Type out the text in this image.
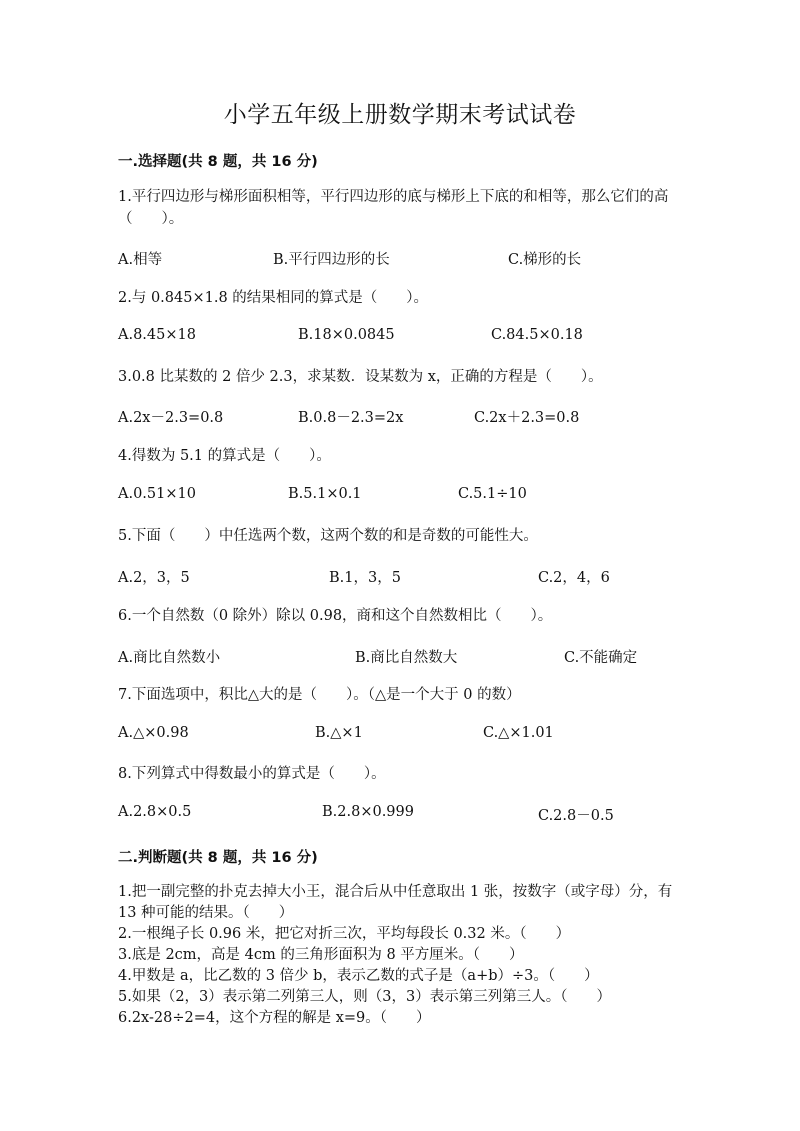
小学五年级上册数学期末考试试卷
一.选择题(共 8 题，共 16 分)
1.平行四边形与梯形面积相等，平行四边形的底与梯形上下底的和相等，那么它们的高（　　）。
A.相等	B.平行四边形的长	C.梯形的长
2.与 0.845×1.8 的结果相同的算式是（　　）。
A.8.45×18	B.18×0.0845	C.84.5×0.18
3.0.8 比某数的 2 倍少 2.3，求某数．设某数为 x，正确的方程是（　　）。
A.2x－2.3=0.8	B.0.8－2.3=2x	C.2x＋2.3=0.8
4.得数为 5.1 的算式是（　　）。
A.0.51×10	B.5.1×0.1	C.5.1÷10
5.下面（　　）中任选两个数，这两个数的和是奇数的可能性大。
A.2，3，5	B.1，3，5	C.2，4，6
6.一个自然数（0 除外）除以 0.98，商和这个自然数相比（　　）。
A.商比自然数小	B.商比自然数大	C.不能确定
7.下面选项中，积比△大的是（　　）。（△是一个大于 0 的数）
A.△×0.98	B.△×1	C.△×1.01
8.下列算式中得数最小的算式是（　　）。
A.2.8×0.5	B.2.8×0.999	C.2.8－0.5
二.判断题(共 8 题，共 16 分)
1.把一副完整的扑克去掉大小王，混合后从中任意取出 1 张，按数字（或字母）分，有 13 种可能的结果。（　　）
2.一根绳子长 0.96 米，把它对折三次，平均每段长 0.32 米。（　　）
3.底是 2cm，高是 4cm 的三角形面积为 8 平方厘米。（　　）
4.甲数是 a，比乙数的 3 倍少 b，表示乙数的式子是（a+b）÷3。（　　）
5.如果（2，3）表示第二列第三人，则（3，3）表示第三列第三人。（　　）
6.2x-28÷2=4，这个方程的解是 x=9。（　　）
